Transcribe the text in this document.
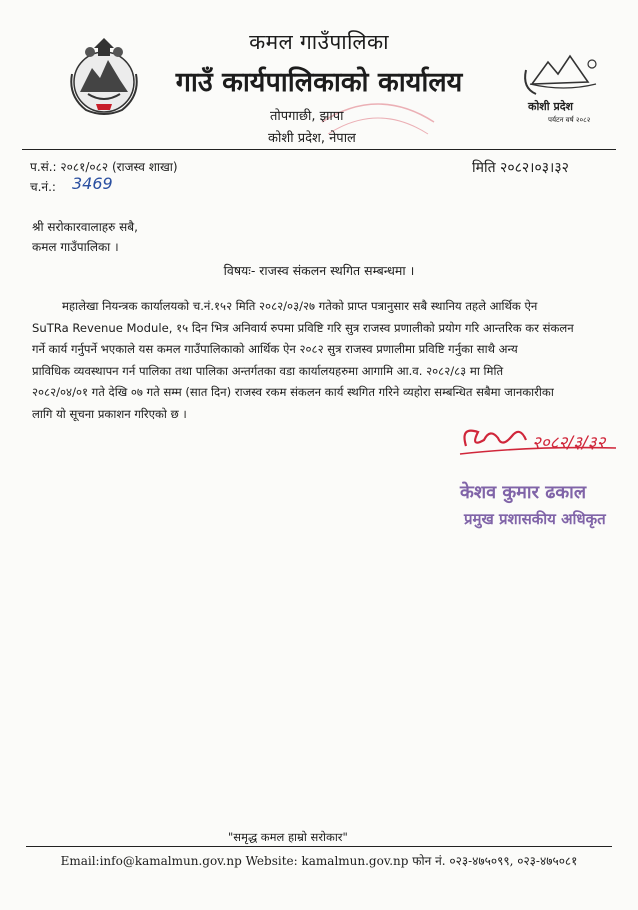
कमल गाउँपालिका
गाउँ कार्यपालिकाको कार्यालय
तोपगाछी, झापा
कोशी प्रदेश, नेपाल
कोशी प्रदेश
पर्यटन वर्ष २०८२
प.सं.: २०८१/०८२ (राजस्व शाखा)
च.नं.: 3469
मिति २०८२।०३।३२
श्री सरोकारवालाहरु सबै,
कमल गाउँपालिका ।
विषयः- राजस्व संकलन स्थगित सम्बन्धमा ।
महालेखा नियन्त्रक कार्यालयको च.नं.१५२ मिति २०८२/०३/२७ गतेको प्राप्त पत्रानुसार सबै स्थानिय तहले आर्थिक ऐन
SuTRa Revenue Module, १५ दिन भित्र अनिवार्य रुपमा प्रविष्टि गरि सुत्र राजस्व प्रणालीको प्रयोग गरि आन्तरिक कर संकलन
गर्ने कार्य गर्नुपर्ने भएकाले यस कमल गाउँपालिकाको आर्थिक ऐन २०८२ सुत्र राजस्व प्रणालीमा प्रविष्टि गर्नुका साथै अन्य
प्राविधिक व्यवस्थापन गर्न पालिका तथा पालिका अन्तर्गतका वडा कार्यालयहरुमा आगामि आ.व. २०८२/८३ मा मिति
२०८२/०४/०१ गते देखि ०७ गते सम्म (सात दिन) राजस्व रकम संकलन कार्य स्थगित गरिने व्यहोरा सम्बन्धित सबैमा जानकारीका
लागि यो सूचना प्रकाशन गरिएको छ ।
२०८२/३/३२
केशव कुमार ढकाल
प्रमुख प्रशासकीय अधिकृत
"समृद्ध कमल हाम्रो सरोकार"
Email:info@kamalmun.gov.np Website: kamalmun.gov.np फोन नं. ०२३-४७५०९९, ०२३-४७५०८१
